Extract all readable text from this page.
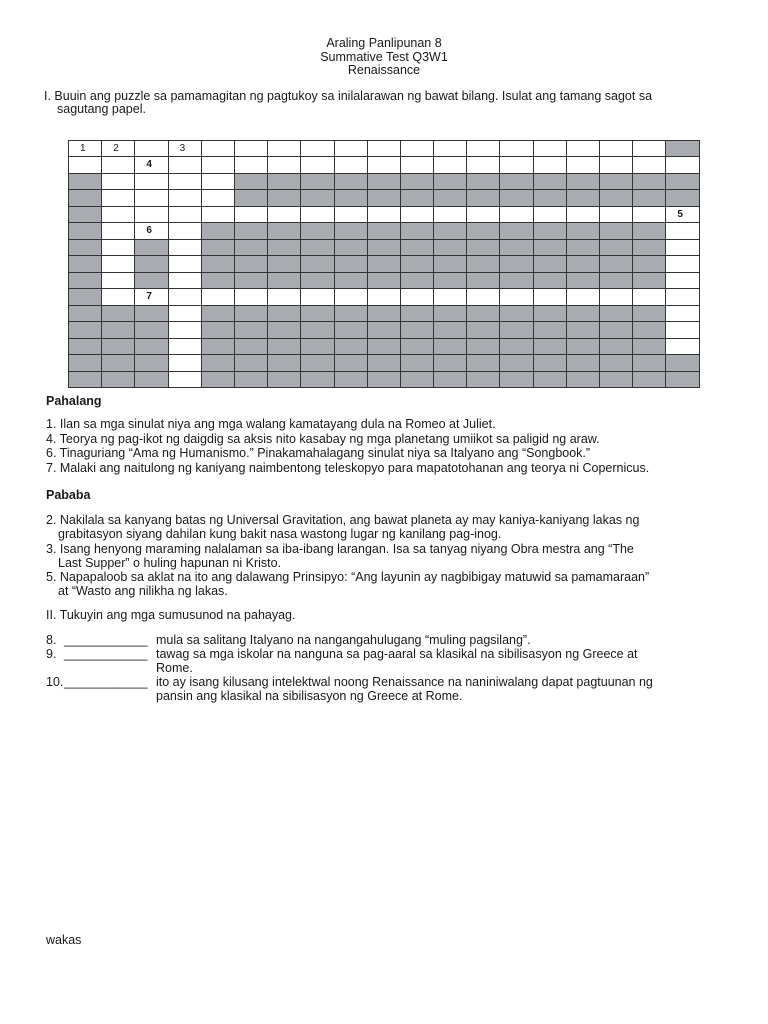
Araling Panlipunan 8
Summative Test Q3W1
Renaissance
I. Buuin ang puzzle sa pamamagitan ng pagtukoy sa inilalarawan ng bawat bilang. Isulat ang tamang sagot sa
sagutang papel.
1	2	3
4
5
6
7
Pahalang
1. Ilan sa mga sinulat niya ang mga walang kamatayang dula na Romeo at Juliet.
4. Teorya ng pag-ikot ng daigdig sa aksis nito kasabay ng mga planetang umiikot sa paligid ng araw.
6. Tinaguriang “Ama ng Humanismo.” Pinakamahalagang sinulat niya sa Italyano ang “Songbook.”
7. Malaki ang naitulong ng kaniyang naimbentong teleskopyo para mapatotohanan ang teorya ni Copernicus.
Pababa
2. Nakilala sa kanyang batas ng Universal Gravitation, ang bawat planeta ay may kaniya-kaniyang lakas ng
grabitasyon siyang dahilan kung bakit nasa wastong lugar ng kanilang pag-inog.
3. Isang henyong maraming nalalaman sa iba-ibang larangan. Isa sa tanyag niyang Obra mestra ang “The
Last Supper” o huling hapunan ni Kristo.
5. Napapaloob sa aklat na ito ang dalawang Prinsipyo: “Ang layunin ay nagbibigay matuwid sa pamamaraan”
at “Wasto ang nilikha ng lakas.
II. Tukuyin ang mga sumusunod na pahayag.
8. ____________ mula sa salitang Italyano na nangangahulugang “muling pagsilang”.
9. ____________ tawag sa mga iskolar na nanguna sa pag-aaral sa klasikal na sibilisasyon ng Greece at
Rome.
10.____________ ito ay isang kilusang intelektwal noong Renaissance na naniniwalang dapat pagtuunan ng
pansin ang klasikal na sibilisasyon ng Greece at Rome.
wakas
